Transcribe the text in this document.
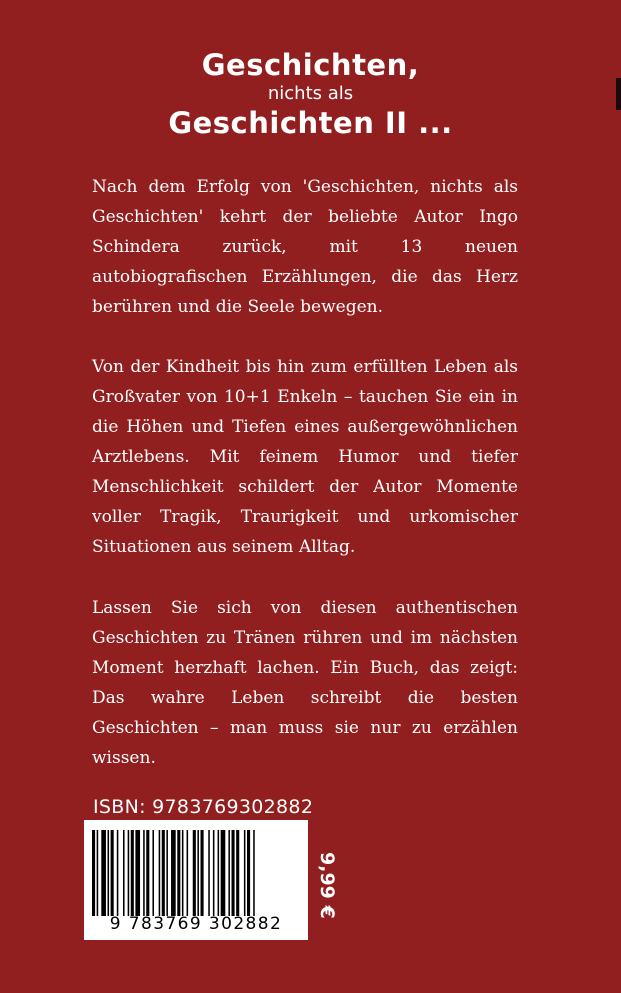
Geschichten,
nichts als
Geschichten II ...

Nach dem Erfolg von 'Geschichten, nichts als Geschichten' kehrt der beliebte Autor Ingo Schindera zurück, mit 13 neuen autobiografischen Erzählungen, die das Herz berühren und die Seele bewegen.

Von der Kindheit bis hin zum erfüllten Leben als Großvater von 10+1 Enkeln – tauchen Sie ein in die Höhen und Tiefen eines außergewöhnlichen Arztlebens. Mit feinem Humor und tiefer Menschlichkeit schildert der Autor Momente voller Tragik, Traurigkeit und urkomischer Situationen aus seinem Alltag.

Lassen Sie sich von diesen authentischen Geschichten zu Tränen rühren und im nächsten Moment herzhaft lachen. Ein Buch, das zeigt: Das wahre Leben schreibt die besten Geschichten – man muss sie nur zu erzählen wissen.

ISBN: 9783769302882
9 783769 302882
9,99 €
